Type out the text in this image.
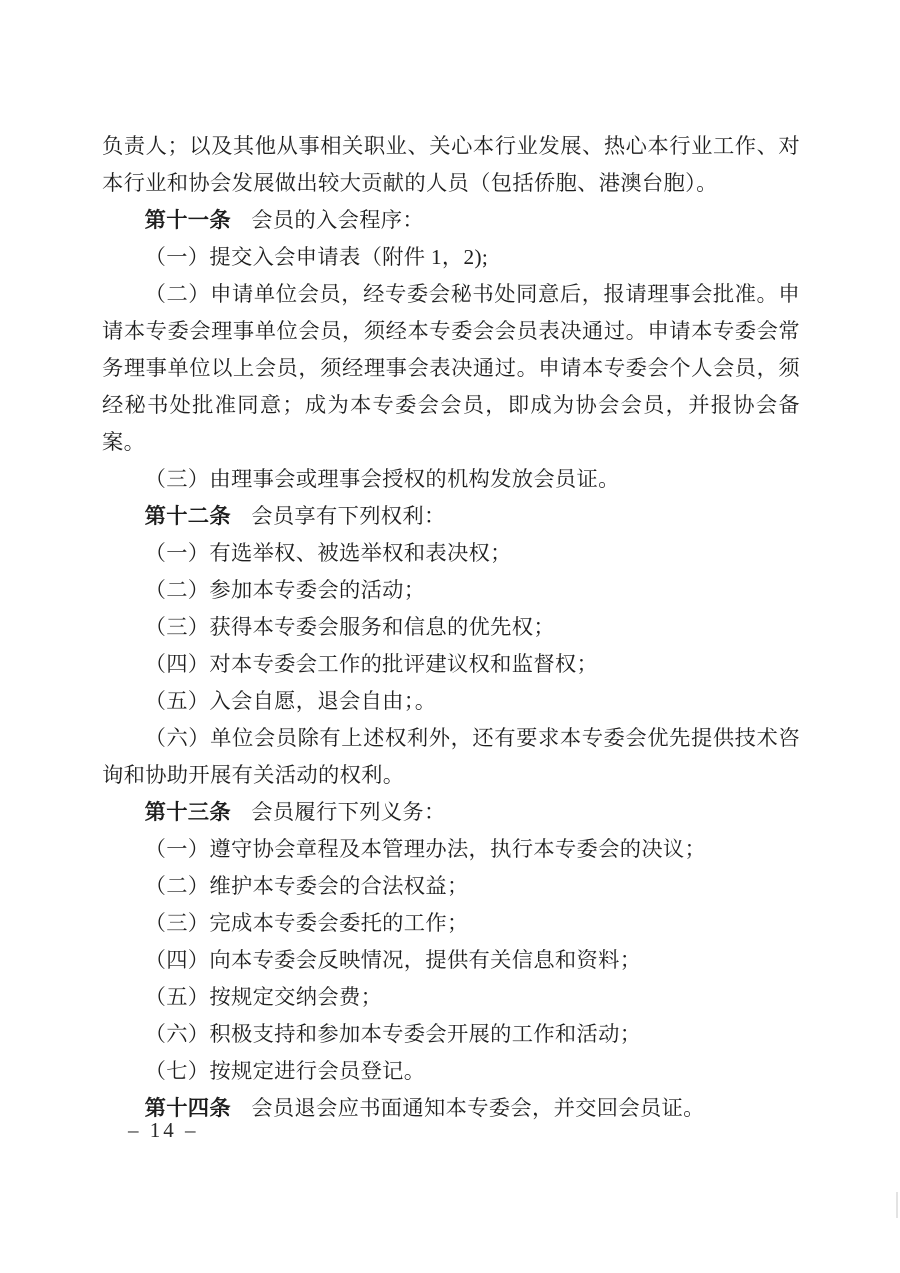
负责人；以及其他从事相关职业、关心本行业发展、热心本行业工作、对本行业和协会发展做出较大贡献的人员（包括侨胞、港澳台胞）。

第十一条 会员的入会程序：

（一）提交入会申请表（附件 1，2);

（二）申请单位会员，经专委会秘书处同意后，报请理事会批准。申请本专委会理事单位会员，须经本专委会会员表决通过。申请本专委会常务理事单位以上会员，须经理事会表决通过。申请本专委会个人会员，须经秘书处批准同意；成为本专委会会员，即成为协会会员，并报协会备案。

（三）由理事会或理事会授权的机构发放会员证。

第十二条 会员享有下列权利：

（一）有选举权、被选举权和表决权；

（二）参加本专委会的活动；

（三）获得本专委会服务和信息的优先权；

（四）对本专委会工作的批评建议权和监督权；

（五）入会自愿，退会自由；。

（六）单位会员除有上述权利外，还有要求本专委会优先提供技术咨询和协助开展有关活动的权利。

第十三条 会员履行下列义务：

（一）遵守协会章程及本管理办法，执行本专委会的决议；

（二）维护本专委会的合法权益；

（三）完成本专委会委托的工作；

（四）向本专委会反映情况，提供有关信息和资料；

（五）按规定交纳会费；

（六）积极支持和参加本专委会开展的工作和活动；

（七）按规定进行会员登记。

第十四条 会员退会应书面通知本专委会，并交回会员证。

– 14 –
